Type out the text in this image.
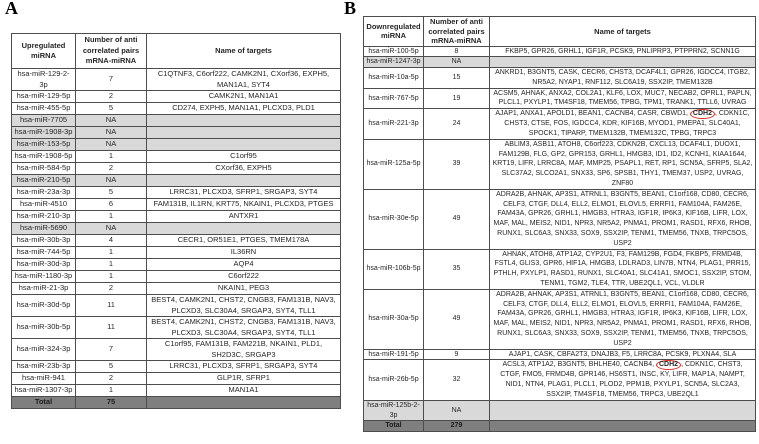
A	B
Upregulated miRNA	Number of anti correlated pairs mRNA-miRNA	Name of targets
hsa-miR-129-2-3p	7	C1QTNF3, C6orf222, CAMK2N1, CXorf36, EXPH5, MAN1A1, SYT4
hsa-miR-129-5p	2	CAMK2N1, MAN1A1
hsa-miR-455-5p	5	CD274, EXPH5, MAN1A1, PLCXD3, PLD1
hsa-miR-7705	NA	
hsa-miR-1908-3p	NA	
hsa-miR-153-5p	NA	
hsa-miR-1908-5p	1	C1orf95
hsa-miR-584-5p	2	CXorf36, EXPH5
hsa-miR-210-5p	NA	
hsa-miR-23a-3p	5	LRRC31, PLCXD3, SFRP1, SRGAP3, SYT4
hsa-miR-4510	6	FAM131B, IL1RN, KRT75, NKAIN1, PLCXD3, PTGES
hsa-miR-210-3p	1	ANTXR1
hsa-miR-5690	NA	
hsa-miR-30b-3p	4	CECR1, OR51E1, PTGES, TMEM178A
hsa-miR-744-5p	1	IL36RN
hsa-miR-30d-3p	1	AQP4
hsa-miR-1180-3p	1	C6orf222
hsa-miR-21-3p	2	NKAIN1, PEG3
hsa-miR-30d-5p	11	BEST4, CAMK2N1, CHST2, CNGB3, FAM131B, NAV3, PLCXD3, SLC30A4, SRGAP3, SYT4, TLL1
hsa-miR-30b-5p	11	BEST4, CAMK2N1, CHST2, CNGB3, FAM131B, NAV3, PLCXD3, SLC30A4, SRGAP3, SYT4, TLL1
hsa-miR-324-3p	7	C1orf95, FAM131B, FAM221B, NKAIN1, PLD1, SH2D3C, SRGAP3
hsa-miR-23b-3p	5	LRRC31, PLCXD3, SFRP1, SRGAP3, SYT4
hsa-miR-941	2	GLP1R, SFRP1
hsa-miR-1307-3p	1	MAN1A1
Total	75	
Downregulated miRNA	Number of anti correlated pairs mRNA-miRNA	Name of targets
hsa-miR-100-5p	8	FKBP5, GPR26, GRHL1, IGF1R, PCSK9, PNLIPRP3, PTPPRN2, SCNN1G
hsa-miR-1247-3p	NA	
hsa-miR-10a-5p	15	ANKRD1, B3GNT5, CASK, CECR6, CHST3, DCAF4L1, GPR26, IGDCC4, ITGB2, NR5A2, NYAP1, RNF112, SLC6A19, SSX2IP, TMEM132B
hsa-miR-767-5p	19	ACSM5, AHNAK, ANXA2, COL2A1, KLF6, LOX, MUC7, NECAB2, OPRL1, PAPLN, PLCL1, PXYLP1, TM4SF18, TMEM56, TPBG, TPM1, TRANK1, TTLL6, UVRAG
hsa-miR-221-3p	24	AJAP1, ANXA1, APOLD1, BEAN1, CACNB4, CASR, CBWD1, CDH2 , CDKN1C, CHST3, CTSE, FOS, IGDCC4, KDR, KIF16B, MYOD1, PMEPA1, SLC40A1, SPOCK1, TIPARP, TMEM132B, TMEM132C, TPBG, TRPC3
hsa-miR-125a-5p	39	ABLIM3, ASB11, ATOH8, C6orf223, CDKN2B, CXCL13, DCAF4L1, DUOX1, FAM129B, FLG, GP2, GPR153, GRHL1, HMGB3, ID1, ID2, KCNH1, KIAA1644, KRT19, LIFR, LRRC8A, MAF, MMP25, PSAPL1, RET, RP1, SCN5A, SFRP5, SLA2, SLC37A2, SLCO2A1, SNX33, SP6, SPSB1, THY1, TMEM37, USP2, UVRAG, ZNF80
hsa-miR-30e-5p	49	ADRA2B, AHNAK, AP3S1, ATRNL1, B3GNT5, BEAN1, C1orf168, CD80, CECR6, CELF3, CTGF, DLL4, ELL2, ELMO1, ELOVL5, ERRFI1, FAM104A, FAM26E, FAM43A, GPR26, GRHL1, HMGB3, HTRA3, IGF1R, IP6K3, KIF16B, LIFR, LOX, MAF, MAL, MEIS2, NID1, NPR3, NR5A2, PNMA1, PROM1, RASD1, RFX6, RHOB, RUNX1, SLC6A3, SNX33, SOX9, SSX2IP, TENM1, TMEM56, TNXB, TRPC5OS, USP2
hsa-miR-106b-5p	35	AHNAK, ATOH8, ATP1A2, CYP2U1, F3, FAM129B, FGD4, FKBP5, FRMD4B, FSTL4, GLIS3, GPR6, HIF1A, HMGB3, LDLRAD3, LIN7B, NTN4, PLAG1, PRR15, PTHLH, PXYLP1, RASD1, RUNX1, SLC40A1, SLC41A1, SMOC1, SSX2IP, STOM, TENM1, TGM2, TLE4, TTR, UBE2QL1, VCL, VLDLR
hsa-miR-30a-5p	49	ADRA2B, AHNAK, AP3S1, ATRNL1, B3GNT5, BEAN1, C1orf168, CD80, CECR6, CELF3, CTGF, DLL4, ELL2, ELMO1, ELOVL5, ERRFI1, FAM104A, FAM26E, FAM43A, GPR26, GRHL1, HMGB3, HTRA3, IGF1R, IP6K3, KIF16B, LIFR, LOX, MAF, MAL, MEIS2, NID1, NPR3, NR5A2, PNMA1, PROM1, RASD1, RFX6, RHOB, RUNX1, SLC6A3, SNX33, SOX9, SSX2IP, TENM1, TMEM56, TNXB, TRPC5OS, USP2
hsa-miR-191-5p	9	AJAP1, CASK, CBFA2T3, DNAJB3, F5, LRRC8A, PCSK9, PLXNA4, SLA
hsa-miR-26b-5p	32	ACSL3, ATP1A2, B3GNT5, BHLHE40, CACNB4, CDH2 , CDKN1C, CHST3, CTGF, FMO5, FRMD4B, GPR146, HS6ST1, INSC, KY, LIFR, MAP1A, NAMPT, NID1, NTN4, PLAG1, PLCL1, PLOD2, PPM1B, PXYLP1, SCN5A, SLC2A3, SSX2IP, TM4SF18, TMEM56, TRPC3, UBE2QL1
hsa-miR-125b-2-3p	NA	
Total	279	
